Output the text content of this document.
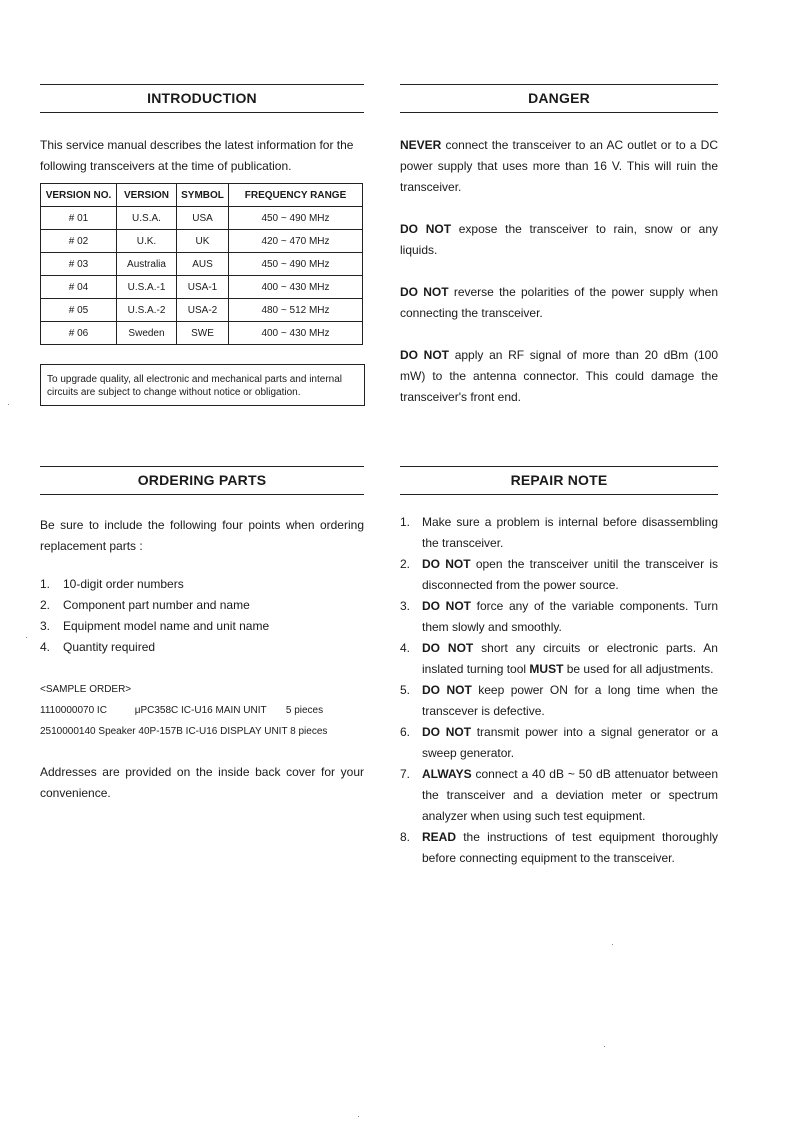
INTRODUCTION

This service manual describes the latest information for the

following transceivers at the time of publication.

VERSION NO.	VERSION	SYMBOL	FREQUENCY RANGE
# 01	U.S.A.	USA	450 ~ 490 MHz
# 02	U.K.	UK	420 ~ 470 MHz
# 03	Australia	AUS	450 ~ 490 MHz
# 04	U.S.A.-1	USA-1	400 ~ 430 MHz
# 05	U.S.A.-2	USA-2	480 ~ 512 MHz
# 06	Sweden	SWE	400 ~ 430 MHz
To upgrade quality, all electronic and mechanical parts and internal circuits are subject to change without notice or obligation.
DANGER

NEVER connect the transceiver to an AC outlet or to a DC power supply that uses more than 16 V. This will ruin the transceiver.

DO NOT expose the transceiver to rain, snow or any liquids.

DO NOT reverse the polarities of the power supply when connecting the transceiver.

DO NOT apply an RF signal of more than 20 dBm (100 mW) to the antenna connector. This could damage the transceiver's front end.

ORDERING PARTS

Be sure to include the following four points when ordering replacement parts :

1. 10-digit order numbers
2. Component part number and name
3. Equipment model name and unit name
4. Quantity required
<SAMPLE ORDER>
1110000070 IC          μPC358C IC-U16 MAIN UNIT       5 pieces
2510000140 Speaker 40P-157B IC-U16 DISPLAY UNIT 8 pieces

Addresses are provided on the inside back cover for your convenience.

REPAIR NOTE
1. Make sure a problem is internal before disassembling the transceiver.
2. DO NOT open the transceiver unitil the transceiver is disconnected from the power source.
3. DO NOT force any of the variable components. Turn them slowly and smoothly.
4. DO NOT short any circuits or electronic parts. An inslated turning tool MUST be used for all adjustments.
5. DO NOT keep power ON for a long time when the transcever is defective.
6. DO NOT transmit power into a signal generator or a sweep generator.
7. ALWAYS connect a 40 dB ~ 50 dB attenuator between the transceiver and a deviation meter or spectrum analyzer when using such test equipment.
8. READ the instructions of test equipment thoroughly before connecting equipment to the transceiver.
